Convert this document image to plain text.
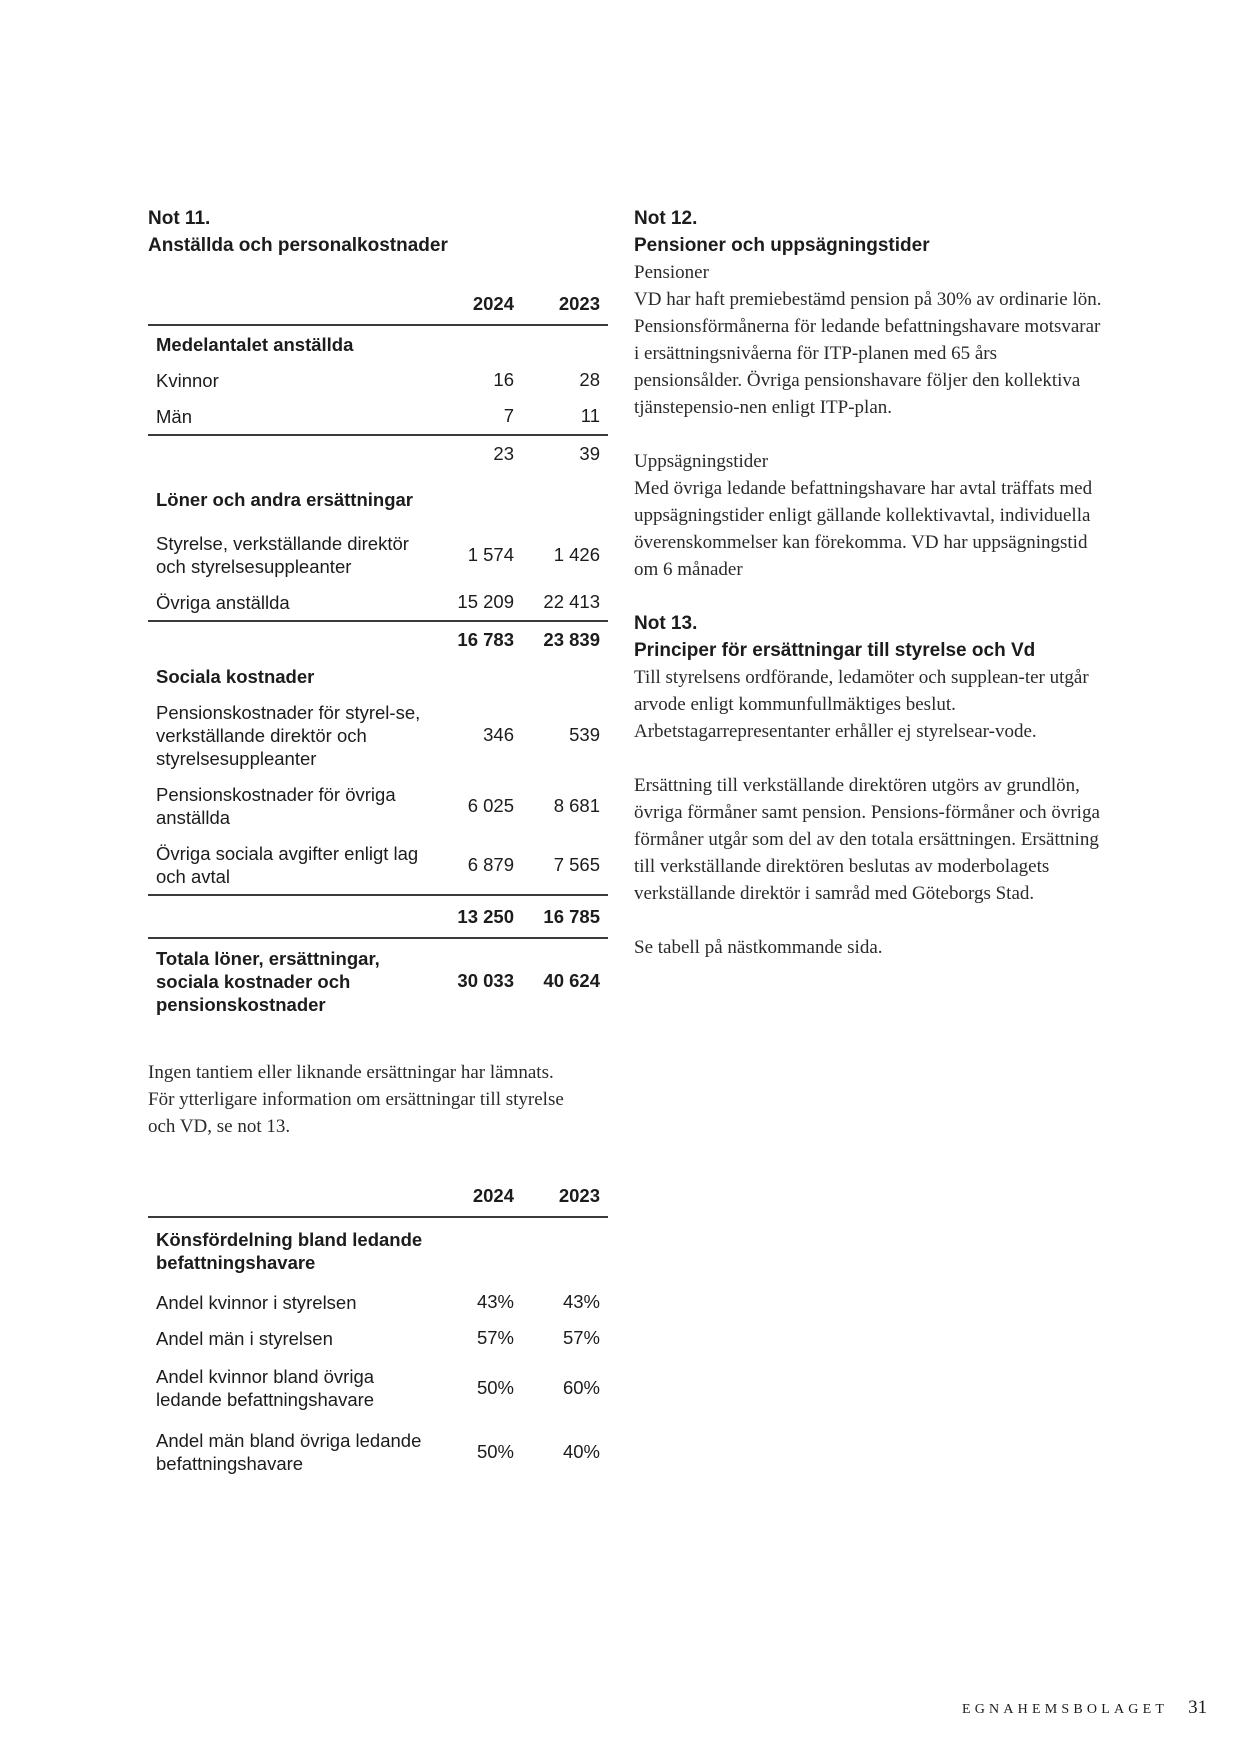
Not 11.
Anställda och personalkostnader
	2024	2023
Medelantalet anställda		
Kvinnor	16	28
Män	7	11
	23	39
Löner och andra ersättningar		
Styrelse, verkställande direktör och styrelsesuppleanter	1 574	1 426
Övriga anställda	15 209	22 413
	16 783	23 839
Sociala kostnader		
Pensionskostnader för styrel-se, verkställande direktör och styrelsesuppleanter	346	539
Pensionskostnader för övriga anställda	6 025	8 681
Övriga sociala avgifter enligt lag och avtal	6 879	7 565
	13 250	16 785
Totala löner, ersättningar, sociala kostnader och pensionskostnader	30 033	40 624

Ingen tantiem eller liknande ersättningar har lämnats. För ytterligare information om ersättningar till styrelse och VD, se not 13.

	2024	2023
Könsfördelning bland ledande befattningshavare		
Andel kvinnor i styrelsen	43%	43%
Andel män i styrelsen	57%	57%
Andel kvinnor bland övriga ledande befattningshavare	50%	60%
Andel män bland övriga ledande befattningshavare	50%	40%
Not 12.
Pensioner och uppsägningstider

Pensioner

VD har haft premiebestämd pension på 30% av ordinarie lön. Pensionsförmånerna för ledande befattningshavare motsvarar i ersättningsnivåerna för ITP-planen med 65 års pensionsålder. Övriga pensionshavare följer den kollektiva tjänstepensio-nen enligt ITP-plan.

Uppsägningstider

Med övriga ledande befattningshavare har avtal träffats med uppsägningstider enligt gällande kollektivavtal, individuella överenskommelser kan förekomma. VD har uppsägningstid om 6 månader

Not 13.
Principer för ersättningar till styrelse och Vd

Till styrelsens ordförande, ledamöter och supplean-ter utgår arvode enligt kommunfullmäktiges beslut. Arbetstagarrepresentanter erhåller ej styrelsear-vode.

Ersättning till verkställande direktören utgörs av grundlön, övriga förmåner samt pension. Pensions-förmåner och övriga förmåner utgår som del av den totala ersättningen. Ersättning till verkställande direktören beslutas av moderbolagets verkställande direktör i samråd med Göteborgs Stad.

Se tabell på nästkommande sida.

EGNAHEMSBOLAGET 31
